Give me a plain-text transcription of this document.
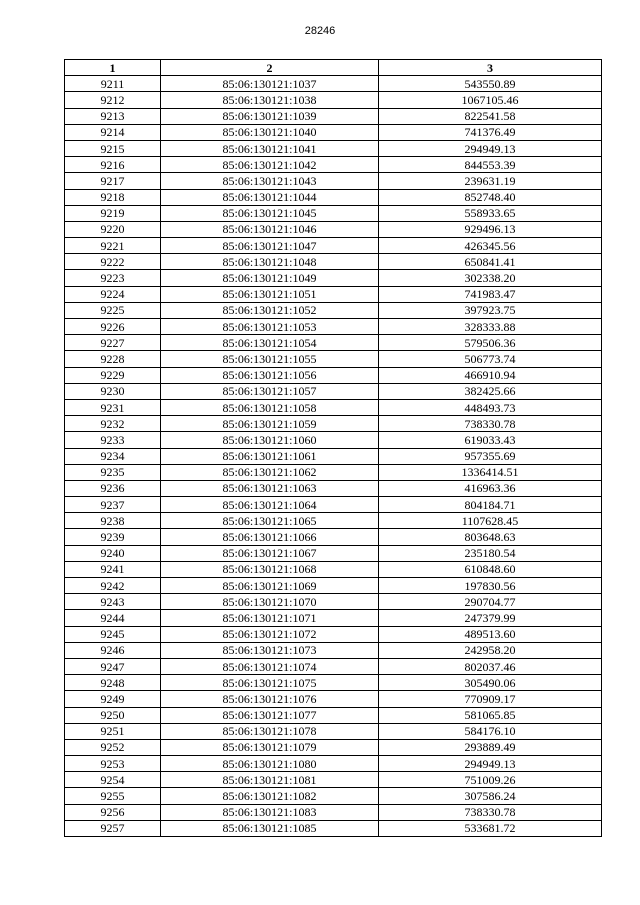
28246
1	2	3
9211	85:06:130121:1037	543550.89
9212	85:06:130121:1038	1067105.46
9213	85:06:130121:1039	822541.58
9214	85:06:130121:1040	741376.49
9215	85:06:130121:1041	294949.13
9216	85:06:130121:1042	844553.39
9217	85:06:130121:1043	239631.19
9218	85:06:130121:1044	852748.40
9219	85:06:130121:1045	558933.65
9220	85:06:130121:1046	929496.13
9221	85:06:130121:1047	426345.56
9222	85:06:130121:1048	650841.41
9223	85:06:130121:1049	302338.20
9224	85:06:130121:1051	741983.47
9225	85:06:130121:1052	397923.75
9226	85:06:130121:1053	328333.88
9227	85:06:130121:1054	579506.36
9228	85:06:130121:1055	506773.74
9229	85:06:130121:1056	466910.94
9230	85:06:130121:1057	382425.66
9231	85:06:130121:1058	448493.73
9232	85:06:130121:1059	738330.78
9233	85:06:130121:1060	619033.43
9234	85:06:130121:1061	957355.69
9235	85:06:130121:1062	1336414.51
9236	85:06:130121:1063	416963.36
9237	85:06:130121:1064	804184.71
9238	85:06:130121:1065	1107628.45
9239	85:06:130121:1066	803648.63
9240	85:06:130121:1067	235180.54
9241	85:06:130121:1068	610848.60
9242	85:06:130121:1069	197830.56
9243	85:06:130121:1070	290704.77
9244	85:06:130121:1071	247379.99
9245	85:06:130121:1072	489513.60
9246	85:06:130121:1073	242958.20
9247	85:06:130121:1074	802037.46
9248	85:06:130121:1075	305490.06
9249	85:06:130121:1076	770909.17
9250	85:06:130121:1077	581065.85
9251	85:06:130121:1078	584176.10
9252	85:06:130121:1079	293889.49
9253	85:06:130121:1080	294949.13
9254	85:06:130121:1081	751009.26
9255	85:06:130121:1082	307586.24
9256	85:06:130121:1083	738330.78
9257	85:06:130121:1085	533681.72
